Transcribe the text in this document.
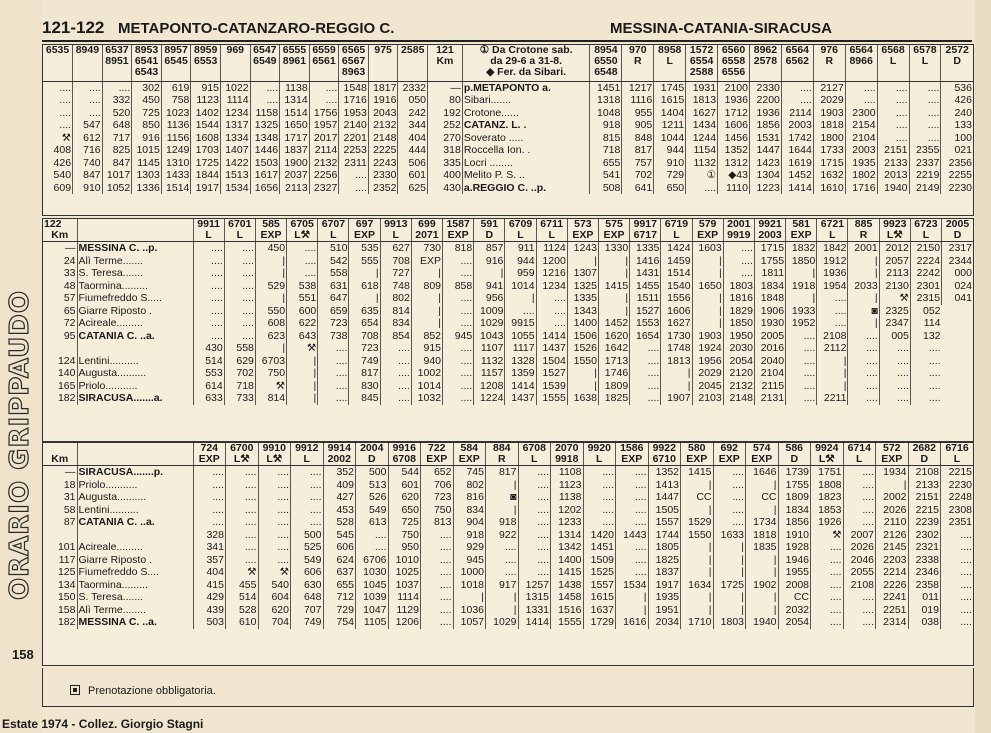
ORARIO GRIPPAUDO
158
121-122 METAPONTO-CATANZARO-REGGIO C.	MESSINA-CATANIA-SIRACUSA
6535	8949	6537	8953	8957	8959	969	6547	6555	6559	6565	975	2585	121	① Da Crotone sab.	8954	970	8958	1572	6560	8962	6564	976	6564	6568	6578	2572
		8951	6541	6545	6553		6549	8961	6561	6567			Km	da 29-6 a 31-8.	6550	R	L	6554	6558	2578	6562	R	8966	L	L	D
			6543							8963				◆ Fer. da Sibari.	6548			2588	6556							

....	....	....	302	619	915	1022	....	1138	....	1548	1817	2332	—	p.METAPONTO a.	1451	1217	1745	1931	2100	2330	....	2127	....	....	....	536
....	....	332	450	758	1123	1114	....	1314	....	1716	1916	050	80	Sibari.......	1318	1116	1615	1813	1936	2200	....	2029	....	....	....	426
....	....	520	725	1023	1402	1234	1158	1514	1756	1953	2043	242	192	Crotone......	1048	955	1404	1627	1712	1936	2114	1903	2300	....	....	240
....	547	648	850	1136	1544	1317	1325	1650	1957	2140	2132	344	252	CATANZ. L. .	918	905	1211	1434	1606	1856	2003	1818	2154	....	....	133
⚒	612	717	916	1156	1608	1334	1348	1717	2017	2201	2148	404	270	Soverato .....	815	848	1044	1244	1456	1531	1742	1800	2104	....	....	100
408	716	825	1015	1249	1703	1407	1446	1837	2114	2253	2225	444	318	Roccella Ion. .	718	817	944	1154	1352	1447	1644	1733	2003	2151	2355	021
426	740	847	1145	1310	1725	1422	1503	1900	2132	2311	2243	506	335	Locri ........	655	757	910	1132	1312	1423	1619	1715	1935	2133	2337	2356
540	847	1017	1303	1433	1844	1513	1617	2037	2256	....	2330	601	400	Melito P. S. ..	541	702	729	①	◆43	1304	1452	1632	1802	2013	2219	2255
609	910	1052	1336	1514	1917	1534	1656	2113	2327	....	2352	625	430	a.REGGIO C. ..p.	508	641	650	....	1110	1223	1414	1610	1716	1940	2149	2230
122		9911	6701	585	6705	6707	697	9913	699	1587	591	6709	6711	573	575	9917	6719	579	2001	9921	581	6721	885	9923	6723	2005
Km		L	L	EXP	L⚒	L	EXP	L	2071	EXP	D	L	L	EXP	EXP	6717	L	EXP	9919	2003	EXP	L	R	L⚒	L	D

—	MESSINA C. ..p.	....	....	450	....	510	535	627	730	818	857	911	1124	1243	1330	1335	1424	1603	....	1715	1832	1842	2001	2012	2150	2317
24	Alì Terme.......	....	....	|	....	542	555	708	EXP	....	916	944	1200	|	|	1416	1459	|	....	1755	1850	1912	|	2057	2224	2344
33	S. Teresa.......	....	....	|	....	558	|	727	|	....	|	959	1216	1307	|	1431	1514	|	....	1811	|	1936	|	2113	2242	000
48	Taormina.........	....	....	529	538	631	618	748	809	858	941	1014	1234	1325	1415	1455	1540	1650	1803	1834	1918	1954	2033	2130	2301	024
57	Fiumefreddo S.....	....	....	|	551	647	|	802	|	....	956	|	....	1335	|	1511	1556	|	1816	1848	|	....	|	⚒	2315	041
65	Giarre Riposto .	....	....	550	600	659	635	814	|	....	1009	....	....	1343	|	1527	1606	|	1829	1906	1933	....	◙	2325	052	
72	Acireale.........	....	....	608	622	723	654	834	|	....	1029	9915	....	1400	1452	1553	1627	|	1850	1930	1952	....	|	2347	114	
95	CATANIA C. ..a.	....	....	623	643	738	708	854	852	945	1043	1055	1414	1506	1620	1654	1730	1903	1950	2005	....	2108	....	005	132	
		430	558	|	⚒	....	723	....	915	....	1107	1117	1437	1526	1642	....	1748	1924	2030	2016	....	2112	....	....	....	
124	Lentini..........	514	629	6703	|	....	749	....	940	....	1132	1328	1504	1550	1713	....	1813	1956	2054	2040	....	|	....	....	....	
140	Augusta..........	553	702	750	|	....	817	....	1002	....	1157	1359	1527	|	1746	....	|	2029	2120	2104	....	|	....	....	....	
165	Priolo...........	614	718	⚒	|	....	830	....	1014	....	1208	1414	1539	|	1809	....	|	2045	2132	2115	....	|	....	....	....	
182	SIRACUSA.......a.	633	733	814	|	....	845	....	1032	....	1224	1437	1555	1638	1825	....	1907	2103	2148	2131	....	2211	....	....	....	
		724	6700	9910	9912	9914	2004	9916	722	584	884	6708	2070	9920	1586	9922	580	692	574	586	9924	6714	572	2682	6716
Km		EXP	L⚒	L⚒	L	2002	D	6708	EXP	EXP	R	L	9918	L	EXP	6710	EXP	EXP	EXP	D	L⚒	L	EXP	D	L

—	SIRACUSA.......p.	....	....	....	....	352	500	544	652	745	817	....	1108	....	....	1352	1415	....	1646	1739	1751	....	1934	2108	2215
18	Priolo...........	....	....	....	....	409	513	601	706	802	|	....	1123	....	....	1413	|	....	|	1755	1808	....	|	2133	2230
31	Augusta..........	....	....	....	....	427	526	620	723	816	◙	....	1138	....	....	1447	CC	....	CC	1809	1823	....	2002	2151	2248
58	Lentini..........	....	....	....	....	453	549	650	750	834	|	....	1202	....	....	1505	|	....	|	1834	1853	....	2026	2215	2308
87	CATANIA C. ..a.	....	....	....	....	528	613	725	813	904	918	....	1233	....	....	1557	1529	....	1734	1856	1926	....	2110	2239	2351
		328	....	....	500	545	....	750	....	918	922	....	1314	1420	1443	1744	1550	1633	1818	1910	⚒	2007	2126	2302	....
101	Acireale.........	341	....	....	525	606	....	950	....	929	....	....	1342	1451	....	1805	|	|	1835	1928	....	2026	2145	2321	....
117	Giarre Riposto .	357	....	....	549	624	6706	1010	....	945	....	....	1400	1509	....	1825	|	|	|	1946	....	2046	2203	2338	....
125	Fiumefreddo S....	404	⚒	⚒	606	637	1030	1025	....	1000	....	....	1415	1525	....	1837	|	|	|	1955	....	2055	2214	2346	....
134	Taormina.........	415	455	540	630	655	1045	1037	....	1018	917	1257	1438	1557	1534	1917	1634	1725	1902	2008	....	2108	2226	2358	....
150	S. Teresa.......	429	514	604	648	712	1039	1114	....	|	|	1315	1458	1615	|	1935	|	|	|	CC	....	....	2241	011	....
158	Alì Terme........	439	528	620	707	729	1047	1129	....	1036	|	1331	1516	1637	|	1951	|	|	|	2032	....	....	2251	019	....
182	MESSINA C. ..a.	503	610	704	749	754	1105	1206	....	1057	1029	1414	1555	1729	1616	2034	1710	1803	1940	2054	....	....	2314	038	....
Prenotazione obbligatoria.
Estate 1974 - Collez. Giorgio Stagni
